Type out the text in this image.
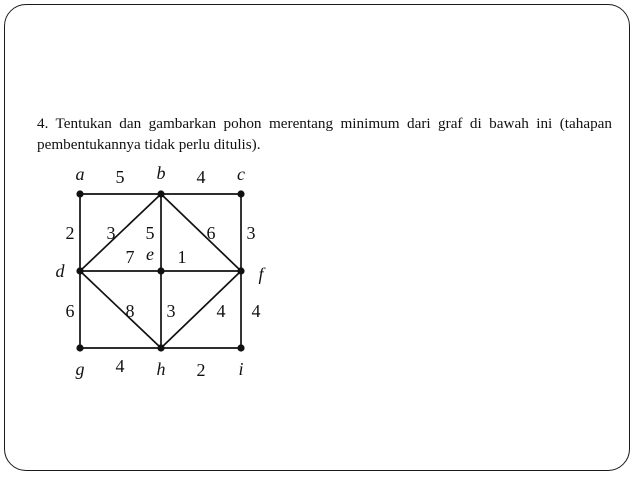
4. Tentukan dan gambarkan pohon merentang minimum dari graf di bawah ini (tahapan pembentukannya tidak perlu ditulis).

5	4
2 3 5	6 3
7 1
6	8 3 4 4
4	2
a	b	c
d
e
f
g	h	i
